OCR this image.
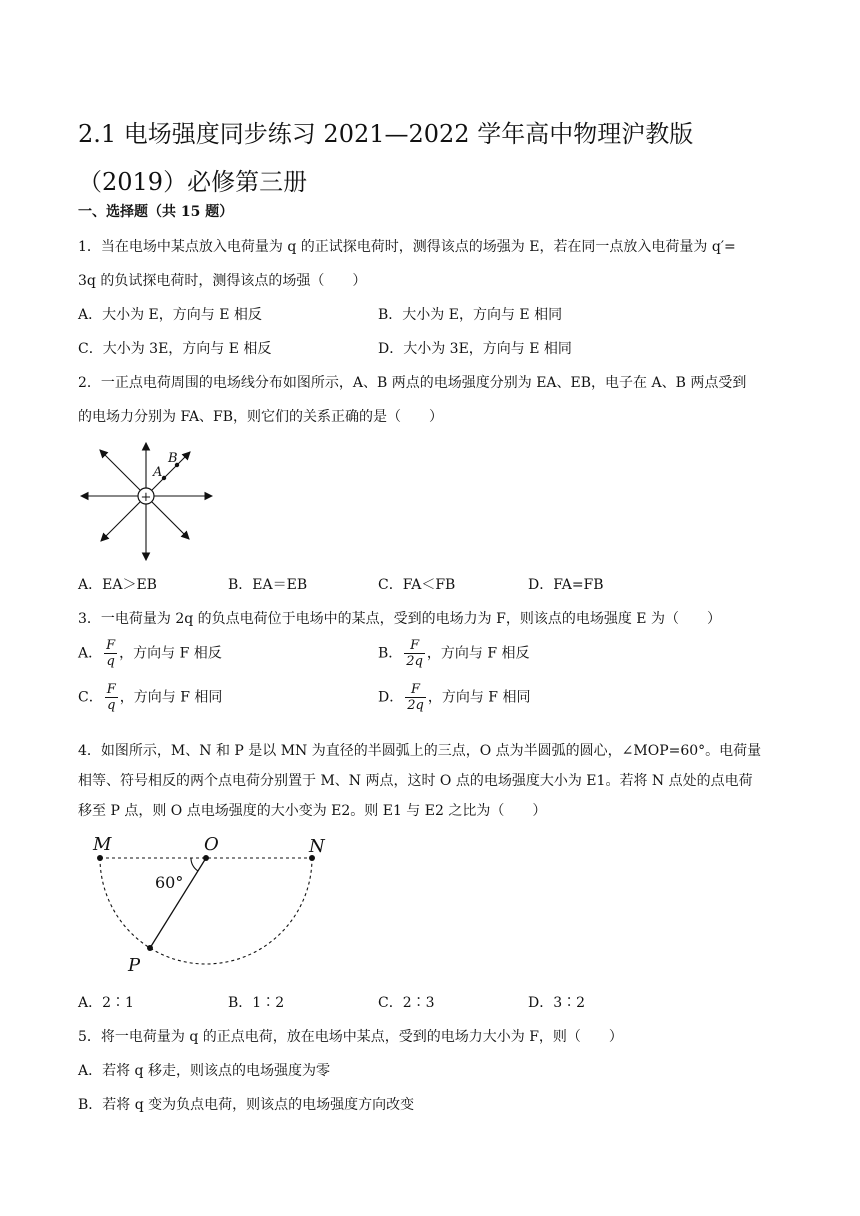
2.1 电场强度同步练习 2021—2022 学年高中物理沪教版（2019）必修第三册
一、选择题（共 15 题）
1．当在电场中某点放入电荷量为 q 的正试探电荷时，测得该点的场强为 E，若在同一点放入电荷量为 q′=
3q 的负试探电荷时，测得该点的场强（　　）
A．大小为 E，方向与 E 相反	B．大小为 E，方向与 E 相同
C．大小为 3E，方向与 E 相反	D．大小为 3E，方向与 E 相同
2．一正点电荷周围的电场线分布如图所示，A、B 两点的电场强度分别为 EA、EB，电子在 A、B 两点受到
的电场力分别为 FA、FB，则它们的关系正确的是（　　）
+
A
B
A．EA＞EB	B．EA＝EB	C．FA＜FB	D．FA=FB
3．一电荷量为 2q 的负点电荷位于电场中的某点，受到的电场力为 F，则该点的电场强度 E 为（　　）
A． $\frac{F}{q}$ ，方向与 F 相反	B． $\frac{F}{2q}$ ，方向与 F 相反
C． $\frac{F}{q}$ ，方向与 F 相同	D． $\frac{F}{2q}$ ，方向与 F 相同
4．如图所示，M、N 和 P 是以 MN 为直径的半圆弧上的三点，O 点为半圆弧的圆心，∠MOP=60°。电荷量
相等、符号相反的两个点电荷分别置于 M、N 两点，这时 O 点的电场强度大小为 E1。若将 N 点处的点电荷
移至 P 点，则 O 点电场强度的大小变为 E2。则 E1 与 E2 之比为（　　）
M	O	N
P
60°
A．2∶1	B．1∶2	C．2∶3	D．3∶2
5．将一电荷量为 q 的正点电荷，放在电场中某点，受到的电场力大小为 F，则（　　）
A．若将 q 移走，则该点的电场强度为零
B．若将 q 变为负点电荷，则该点的电场强度方向改变
